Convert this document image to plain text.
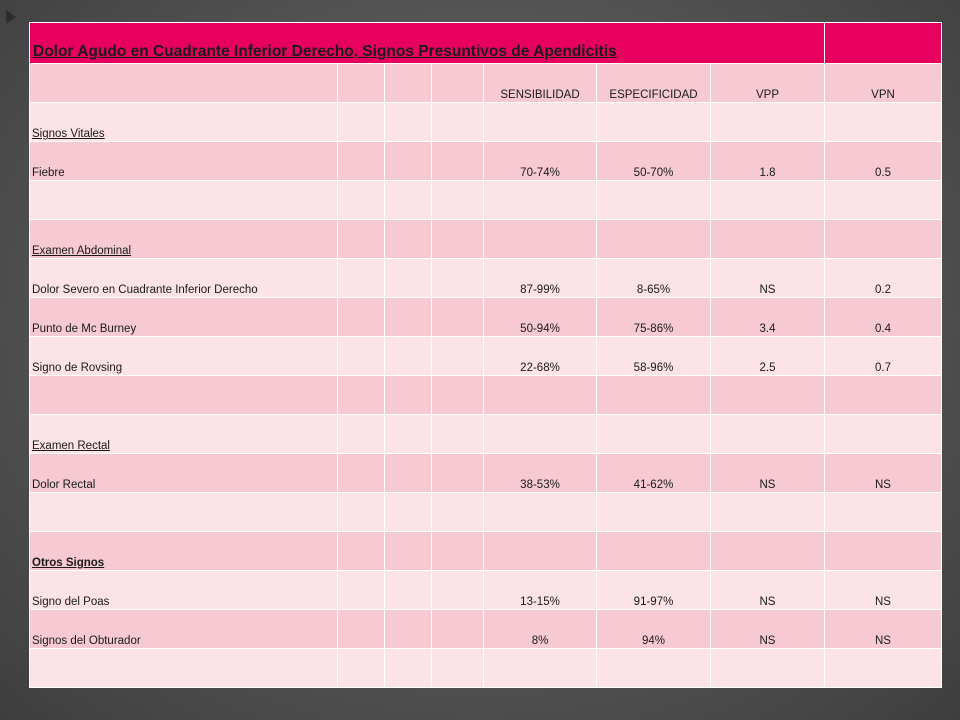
Dolor Agudo en Cuadrante Inferior Derecho, Signos Presuntivos de Apendicitis							
				SENSIBILIDAD	ESPECIFICIDAD	VPP	VPN
Signos Vitales							
Fiebre				70-74%	50-70%	1.8	0.5

Examen Abdominal							
Dolor Severo en Cuadrante Inferior Derecho				87-99%	8-65%	NS	0.2
Punto de Mc Burney				50-94%	75-86%	3.4	0.4
Signo de Rovsing				22-68%	58-96%	2.5	0.7

Examen Rectal							
Dolor Rectal				38-53%	41-62%	NS	NS

Otros Signos							
Signo del Poas				13-15%	91-97%	NS	NS
Signos del Obturador				8%	94%	NS	NS
